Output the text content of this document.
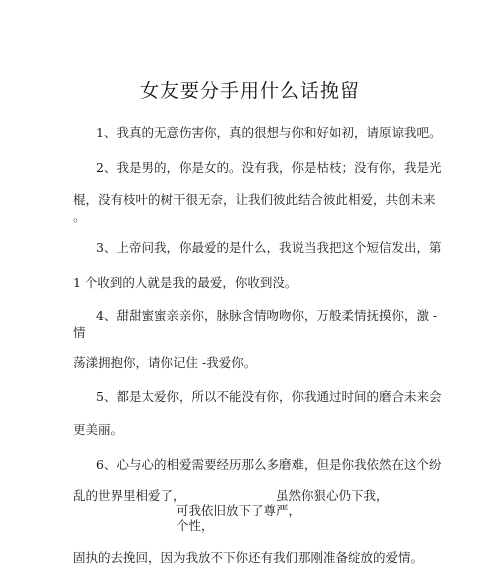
女友要分手用什么话挽留
1、我真的无意伤害你，真的很想与你和好如初，请原谅我吧。
2、我是男的，你是女的。没有我，你是枯枝；没有你，我是光
棍，没有枝叶的树干很无奈，让我们彼此结合彼此相爱，共创未来
。
3、上帝问我，你最爱的是什么，我说当我把这个短信发出，第
1 个收到的人就是我的最爱，你收到没。
4、甜甜蜜蜜亲亲你，脉脉含情吻吻你，万般柔情抚摸你，激 -
情
荡漾拥抱你，请你记住 -我爱你。
5、都是太爱你，所以不能没有你，你我通过时间的磨合未来会
更美丽。
6、心与心的相爱需要经历那么多磨难，但是你我依然在这个纷
乱的世界里相爱了，	虽然你狠心仍下我，
可我依旧放下了尊严，
个性，
固执的去挽回，因为我放不下你还有我们那刚准备绽放的爱情。
